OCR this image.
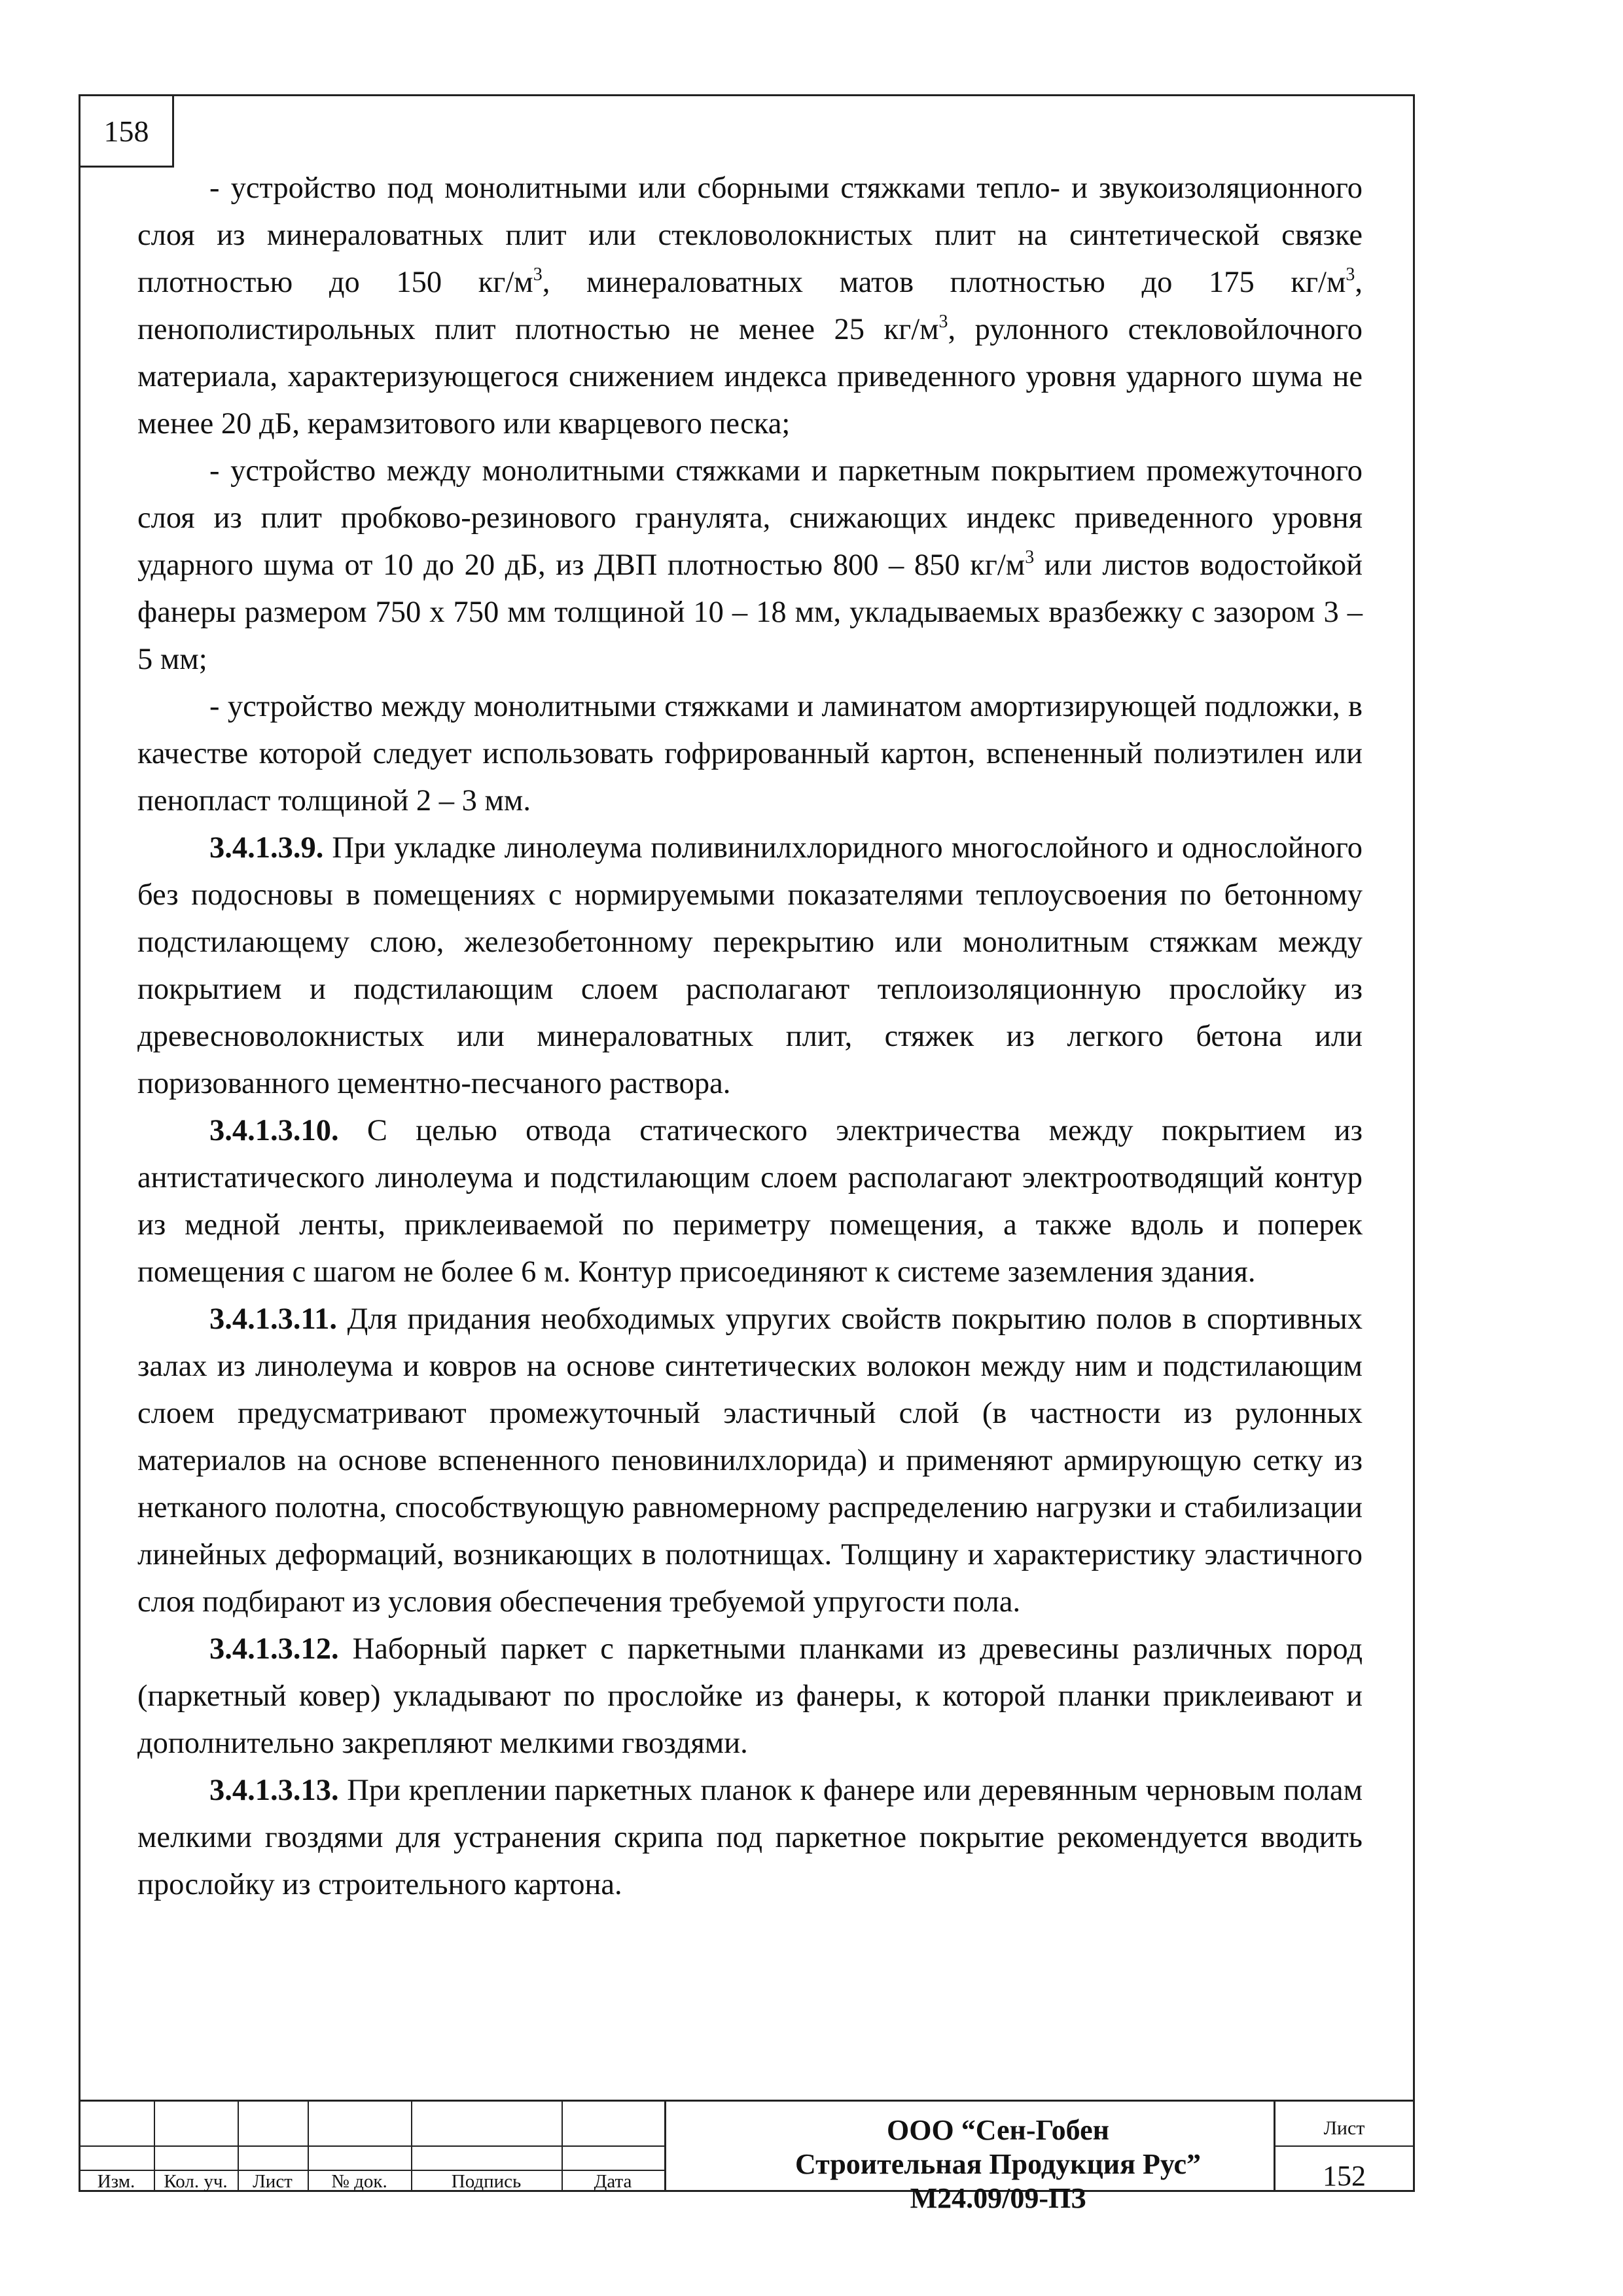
158

- устройство под монолитными или сборными стяжками тепло- и звукоизоляционного слоя из минераловатных плит или стекловолокнистых плит на синтетической связке плотностью до 150 $кг/м^3$, минераловатных матов плотностью до 175 $кг/м^3$, пенополистирольных плит плотностью не менее 25 $кг/м^3$, рулонного стекловойлочного материала, характеризующегося снижением индекса приведенного уровня ударного шума не менее 20 дБ, керамзитового или кварцевого песка;

- устройство между монолитными стяжками и паркетным покрытием промежуточного слоя из плит пробково-резинового гранулята, снижающих индекс приведенного уровня ударного шума от 10 до 20 дБ, из ДВП плотностью 800 – 850 $кг/м^3$ или листов водостойкой фанеры размером 750 х 750 мм толщиной 10 – 18 мм, укладываемых вразбежку с зазором 3 – 5 мм;

- устройство между монолитными стяжками и ламинатом амортизирующей подложки, в качестве которой следует использовать гофрированный картон, вспененный полиэтилен или пенопласт толщиной 2 – 3 мм.

3.4.1.3.9. При укладке линолеума поливинилхлоридного многослойного и однослойного без подосновы в помещениях с нормируемыми показателями теплоусвоения по бетонному подстилающему слою, железобетонному перекрытию или монолитным стяжкам между покрытием и подстилающим слоем располагают теплоизоляционную прослойку из древесноволокнистых или минераловатных плит, стяжек из легкого бетона или поризованного цементно-песчаного раствора.

3.4.1.3.10. С целью отвода статического электричества между покрытием из антистатического линолеума и подстилающим слоем располагают электроотводящий контур из медной ленты, приклеиваемой по периметру помещения, а также вдоль и поперек помещения с шагом не более 6 м. Контур присоединяют к системе заземления здания.

3.4.1.3.11. Для придания необходимых упругих свойств покрытию полов в спортивных залах из линолеума и ковров на основе синтетических волокон между ним и подстилающим слоем предусматривают промежуточный эластичный слой (в частности из рулонных материалов на основе вспененного пеновинилхлорида) и применяют армирующую сетку из нетканого полотна, способствующую равномерному распределению нагрузки и стабилизации линейных деформаций, возникающих в полотнищах. Толщину и характеристику эластичного слоя подбирают из условия обеспечения требуемой упругости пола.

3.4.1.3.12. Наборный паркет с паркетными планками из древесины различных пород (паркетный ковер) укладывают по прослойке из фанеры, к которой планки приклеивают и дополнительно закрепляют мелкими гвоздями.

3.4.1.3.13. При креплении паркетных планок к фанере или деревянным черновым полам мелкими гвоздями для устранения скрипа под паркетное покрытие рекомендуется вводить прослойку из строительного картона.

Изм.	Кол. уч.	Лист	№ док.	Подпись	Дата
ООО “Сен-Гобен
Строительная Продукция Рус”
М24.09/09-ПЗ
Лист
152
